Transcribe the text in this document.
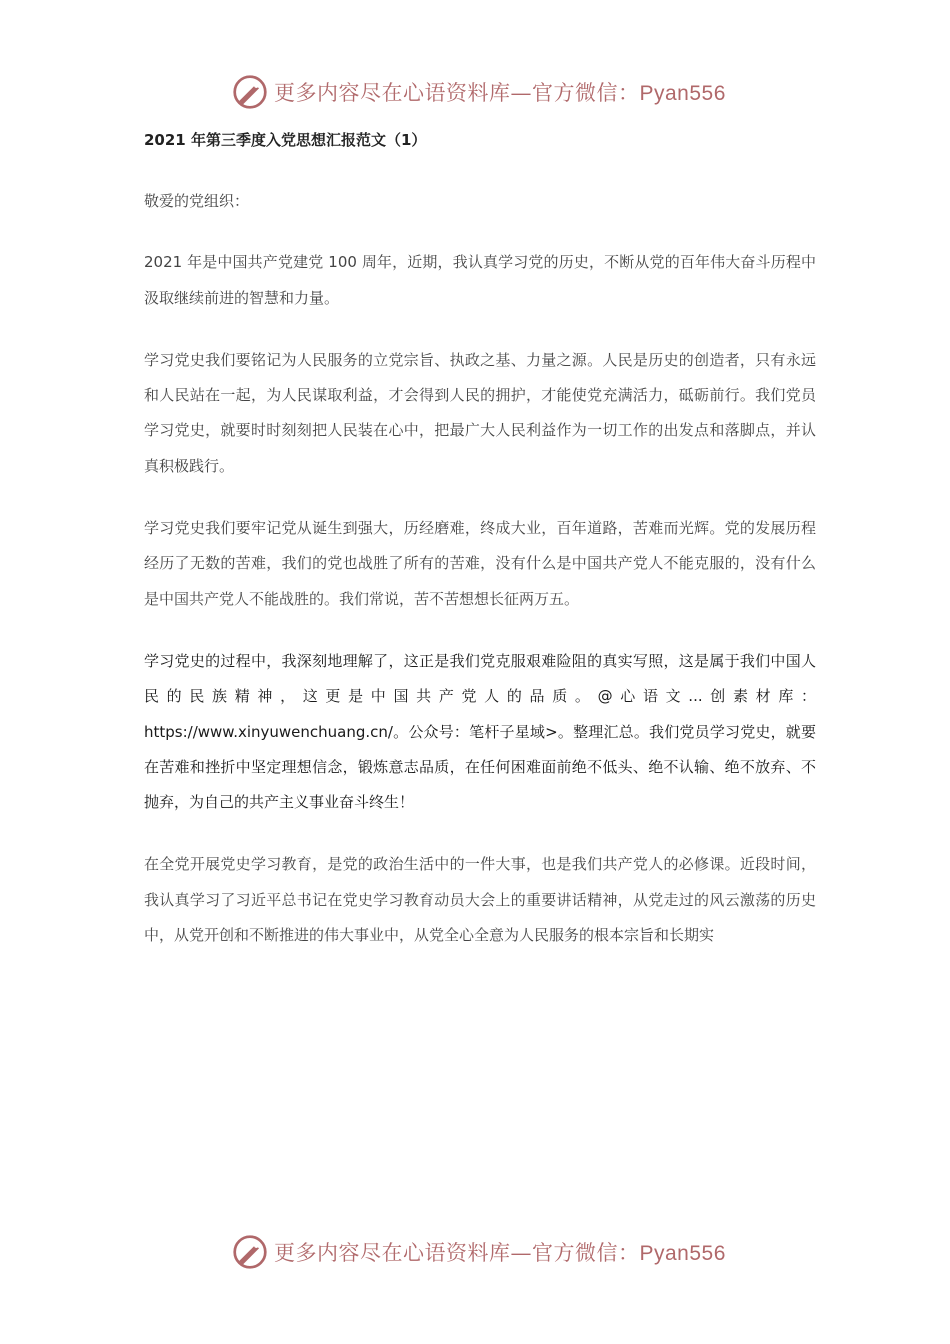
更多内容尽在心语资料库—官方微信：Pyan556
2021 年第三季度入党思想汇报范文（1）

敬爱的党组织：

2021 年是中国共产党建党 100 周年，近期，我认真学习党的历史，不断从党的百年伟大奋斗历程中汲取继续前进的智慧和力量。

学习党史我们要铭记为人民服务的立党宗旨、执政之基、力量之源。人民是历史的创造者，只有永远和人民站在一起，为人民谋取利益，才会得到人民的拥护，才能使党充满活力，砥砺前行。我们党员学习党史，就要时时刻刻把人民装在心中，把最广大人民利益作为一切工作的出发点和落脚点，并认真积极践行。

学习党史我们要牢记党从诞生到强大，历经磨难，终成大业，百年道路，苦难而光辉。党的发展历程经历了无数的苦难，我们的党也战胜了所有的苦难，没有什么是中国共产党人不能克服的，没有什么是中国共产党人不能战胜的。我们常说，苦不苦想想长征两万五。

学习党史的过程中，我深刻地理解了，这正是我们党克服艰难险阻的真实写照，这是属于我们中国人民的民族精神，这更是中国共产党人的品质。@心语文...创素材库：https://www.xinyuwenchuang.cn/。公众号：笔杆子星域>。整理汇总。我们党员学习党史，就要在苦难和挫折中坚定理想信念，锻炼意志品质，在任何困难面前绝不低头、绝不认输、绝不放弃、不抛弃，为自己的共产主义事业奋斗终生！

在全党开展党史学习教育，是党的政治生活中的一件大事，也是我们共产党人的必修课。近段时间，我认真学习了习近平总书记在党史学习教育动员大会上的重要讲话精神，从党走过的风云激荡的历史中，从党开创和不断推进的伟大事业中，从党全心全意为人民服务的根本宗旨和长期实

更多内容尽在心语资料库—官方微信：Pyan556
